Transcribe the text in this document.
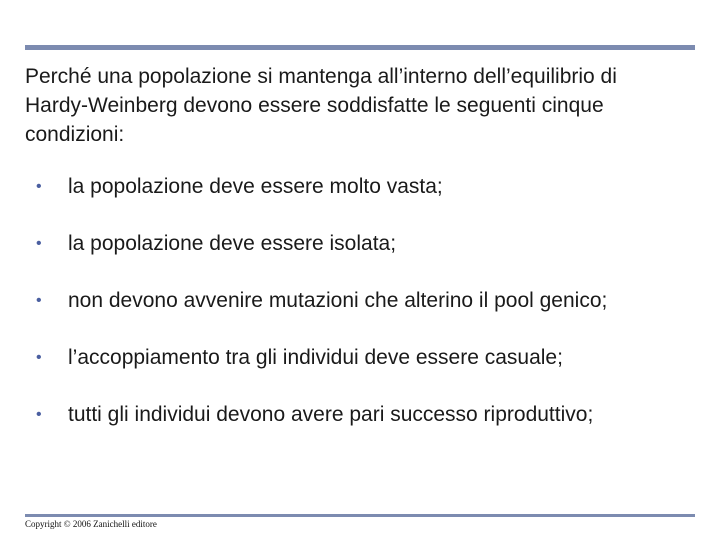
Perché una popolazione si mantenga all’interno dell’equilibrio di Hardy-Weinberg devono essere soddisfatte le seguenti cinque condizioni:

• la popolazione deve essere molto vasta;
• la popolazione deve essere isolata;
• non devono avvenire mutazioni che alterino il pool genico;
• l’accoppiamento tra gli individui deve essere casuale;
• tutti gli individui devono avere pari successo riproduttivo;
Copyright © 2006 Zanichelli editore
